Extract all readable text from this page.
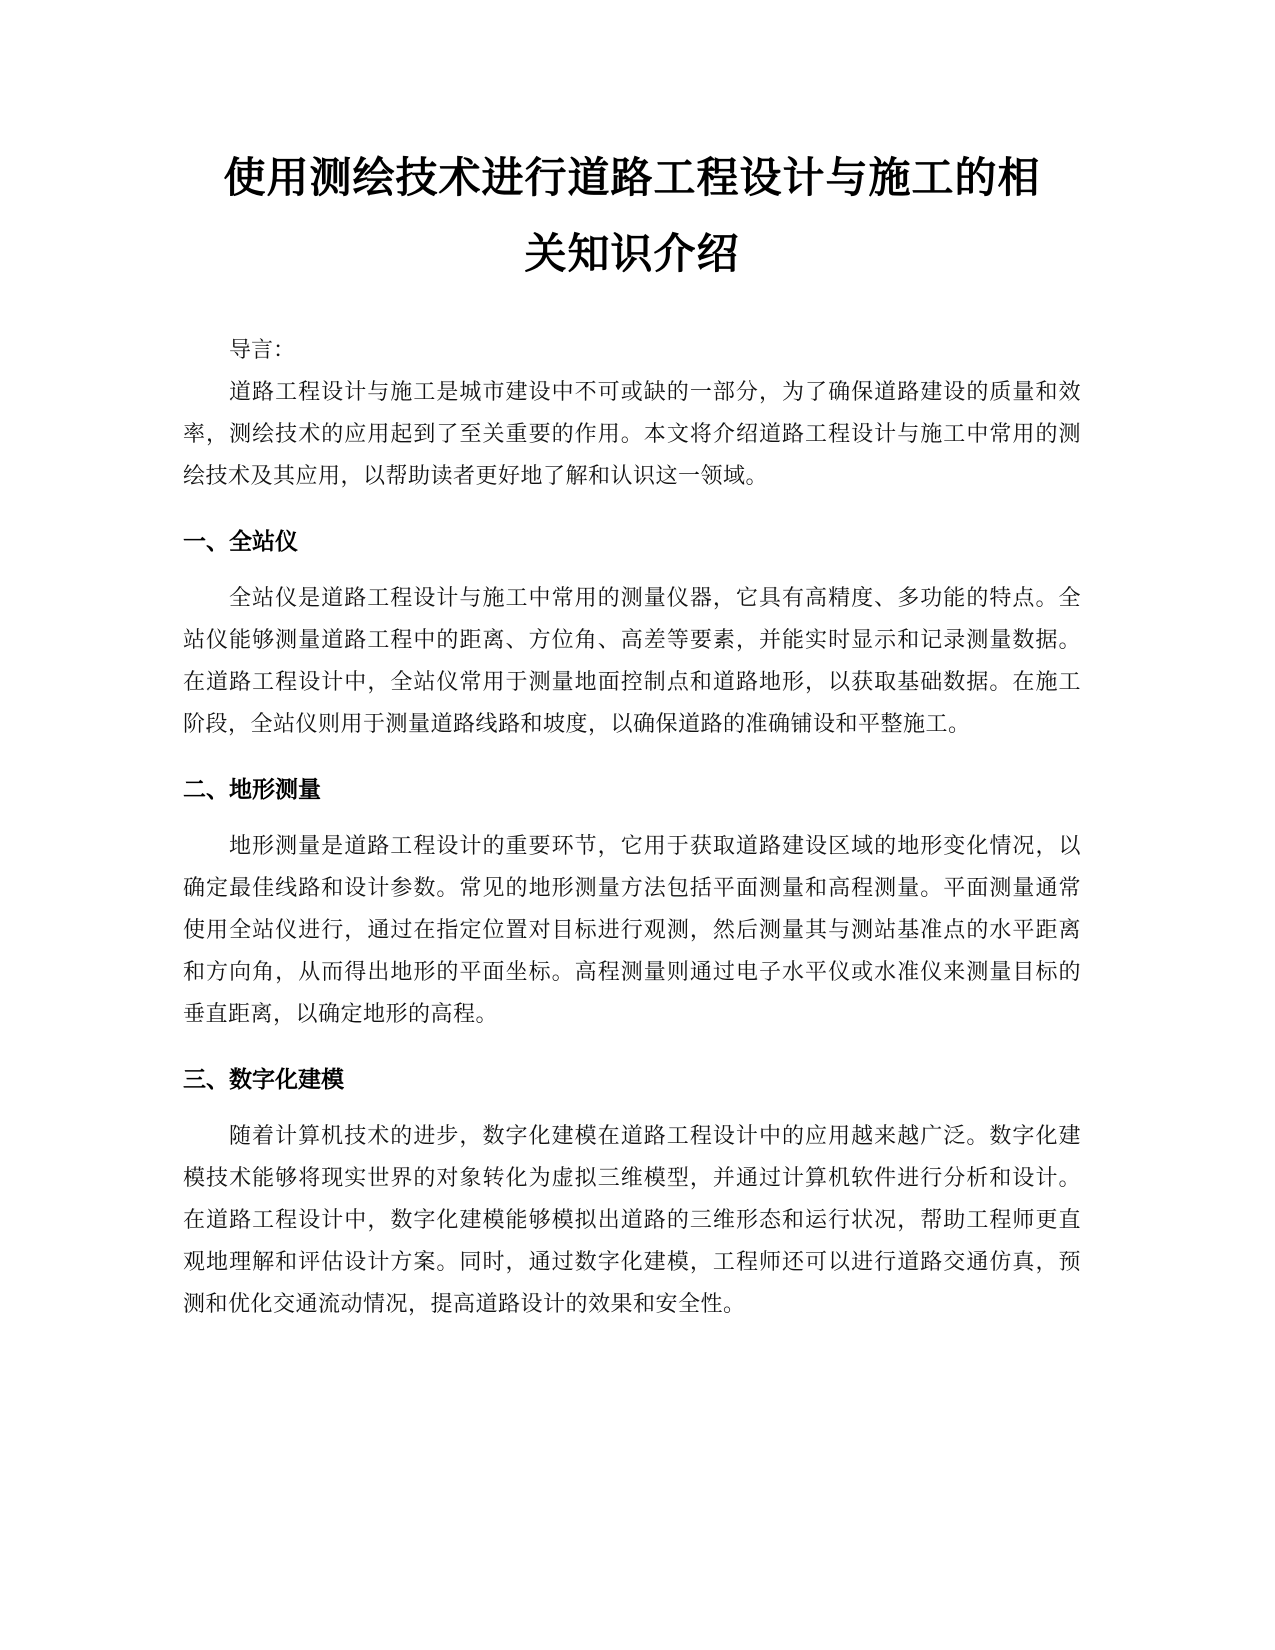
使用测绘技术进行道路工程设计与施工的相
关知识介绍

导言：

道路工程设计与施工是城市建设中不可或缺的一部分，为了确保道路建设的质量和效率，测绘技术的应用起到了至关重要的作用。本文将介绍道路工程设计与施工中常用的测绘技术及其应用，以帮助读者更好地了解和认识这一领域。

一、全站仪

全站仪是道路工程设计与施工中常用的测量仪器，它具有高精度、多功能的特点。全站仪能够测量道路工程中的距离、方位角、高差等要素，并能实时显示和记录测量数据。在道路工程设计中，全站仪常用于测量地面控制点和道路地形，以获取基础数据。在施工阶段，全站仪则用于测量道路线路和坡度，以确保道路的准确铺设和平整施工。

二、地形测量

地形测量是道路工程设计的重要环节，它用于获取道路建设区域的地形变化情况，以确定最佳线路和设计参数。常见的地形测量方法包括平面测量和高程测量。平面测量通常使用全站仪进行，通过在指定位置对目标进行观测，然后测量其与测站基准点的水平距离和方向角，从而得出地形的平面坐标。高程测量则通过电子水平仪或水准仪来测量目标的垂直距离，以确定地形的高程。

三、数字化建模

随着计算机技术的进步，数字化建模在道路工程设计中的应用越来越广泛。数字化建模技术能够将现实世界的对象转化为虚拟三维模型，并通过计算机软件进行分析和设计。在道路工程设计中，数字化建模能够模拟出道路的三维形态和运行状况，帮助工程师更直观地理解和评估设计方案。同时，通过数字化建模，工程师还可以进行道路交通仿真，预测和优化交通流动情况，提高道路设计的效果和安全性。
